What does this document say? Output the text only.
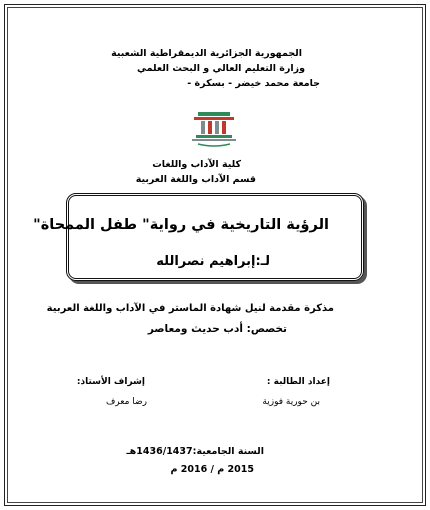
الجمهورية الجزائرية الديمقراطية الشعبية
وزارة التعليم العالي و البحث العلمي
جامعة محمد خيضر - بسكرة -
كلية الآداب واللغات
قسم الآداب واللغة العربية
الرؤية التاريخية في رواية" طفل الممحاة"
لـ:إبراهيم نصرالله
مذكرة مقدمة لنيل شهادة الماستر في الآداب واللغة العربية
تخصص: أدب حديث ومعاصر
إعداد الطالبة :
إشراف الأستاذ:
بن حورية فوزية
رضا معرف
السنة الجامعية:1436/1437هـ
2015 م / 2016 م
